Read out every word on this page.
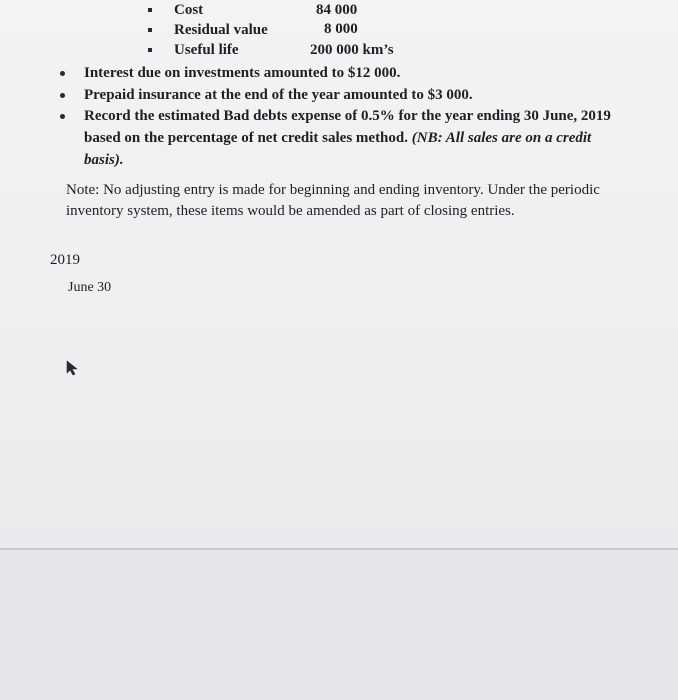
Cost	84 000
Residual value	8 000
Useful life	200 000 km’s
Interest due on investments amounted to $12 000.
Prepaid insurance at the end of the year amounted to $3 000.
Record the estimated Bad debts expense of 0.5% for the year ending 30 June, 2019 based on the percentage of net credit sales method. (NB: All sales are on a credit basis).
Note: No adjusting entry is made for beginning and ending inventory. Under the periodic inventory system, these items would be amended as part of closing entries.
2019
June 30
